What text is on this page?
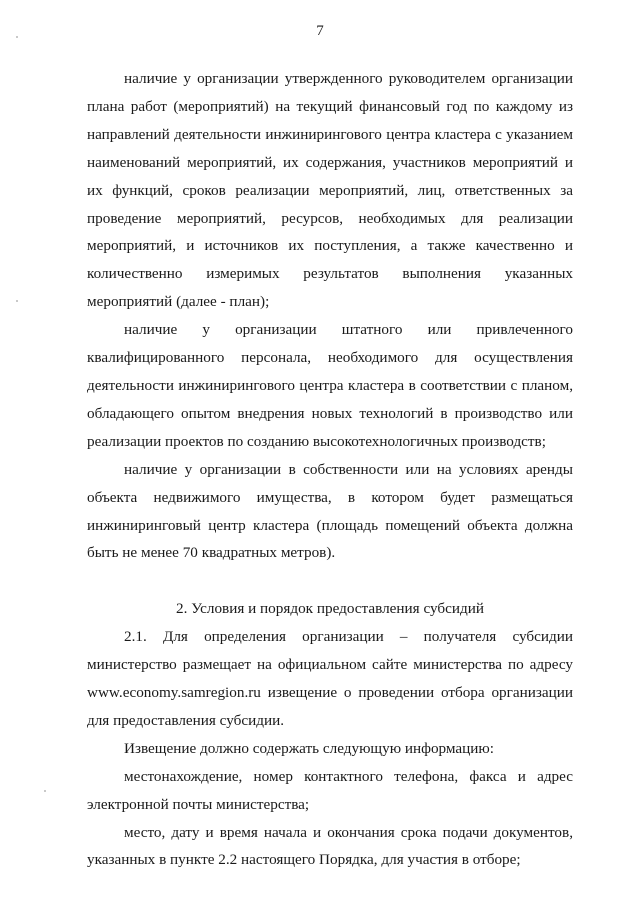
7

наличие у организации утвержденного руководителем организации плана работ (мероприятий) на текущий финансовый год по каждому из направлений деятельности инжинирингового центра кластера с указанием наименований мероприятий, их содержания, участников мероприятий и их функций, сроков реализации мероприятий, лиц, ответственных за проведение мероприятий, ресурсов, необходимых для реализации мероприятий, и источников их поступления, а также качественно и количественно измеримых результатов выполнения указанных мероприятий (далее - план);

наличие у организации штатного или привлеченного квалифицированного персонала, необходимого для осуществления деятельности инжинирингового центра кластера в соответствии с планом, обладающего опытом внедрения новых технологий в производство или реализации проектов по созданию высокотехнологичных производств;

наличие у организации в собственности или на условиях аренды объекта недвижимого имущества, в котором будет размещаться инжиниринговый центр кластера (площадь помещений объекта должна быть не менее 70 квадратных метров).

2. Условия и порядок предоставления субсидий

2.1. Для определения организации – получателя субсидии министерство размещает на официальном сайте министерства по адресу www.economy.samregion.ru извещение о проведении отбора организации для предоставления субсидии.

Извещение должно содержать следующую информацию:

местонахождение, номер контактного телефона, факса и адрес электронной почты министерства;

место, дату и время начала и окончания срока подачи документов, указанных в пункте 2.2 настоящего Порядка, для участия в отборе;
